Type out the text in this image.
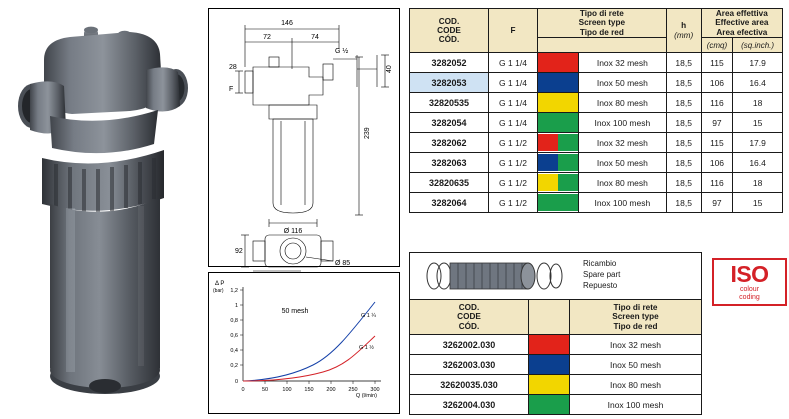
146
72	74
28
F
G ½
40
239
Ø 116
92
Ø 85
1,2
1
0,8
0,6
0,4
0,2
0
0	50	100 150 200 250 300
Δ P
(bar)
Q (l/min)
50 mesh
G 1 ¼
G 1 ½
COD.
CODE
CÓD.
	F	
Tipo di rete
Screen type
Tipo de red

h
(mm)

Area effettiva
Effective area
Area efectiva

					(cmq)	(sq.inch.)
3282052	G 1 1/4		Inox 32 mesh	18,5	115	17.9
3282053	G 1 1/4		Inox 50 mesh	18,5	106	16.4
32820535	G 1 1/4		Inox 80 mesh	18,5	116	18
3282054	G 1 1/4		Inox 100 mesh	18,5	97	15
3282062	G 1 1/2		Inox 32 mesh	18,5	115	17.9
3282063	G 1 1/2		Inox 50 mesh	18,5	106	16.4
32820635	G 1 1/2		Inox 80 mesh	18,5	116	18
3282064	G 1 1/2		Inox 100 mesh	18,5	97	15
Ricambio
Spare part
Repuesto
COD.
CODE
CÓD.

Tipo di rete
Screen type
Tipo de red

3262002.030		Inox 32 mesh
3262003.030		Inox 50 mesh
32620035.030		Inox 80 mesh
3262004.030		Inox 100 mesh
ISO
colour
coding
